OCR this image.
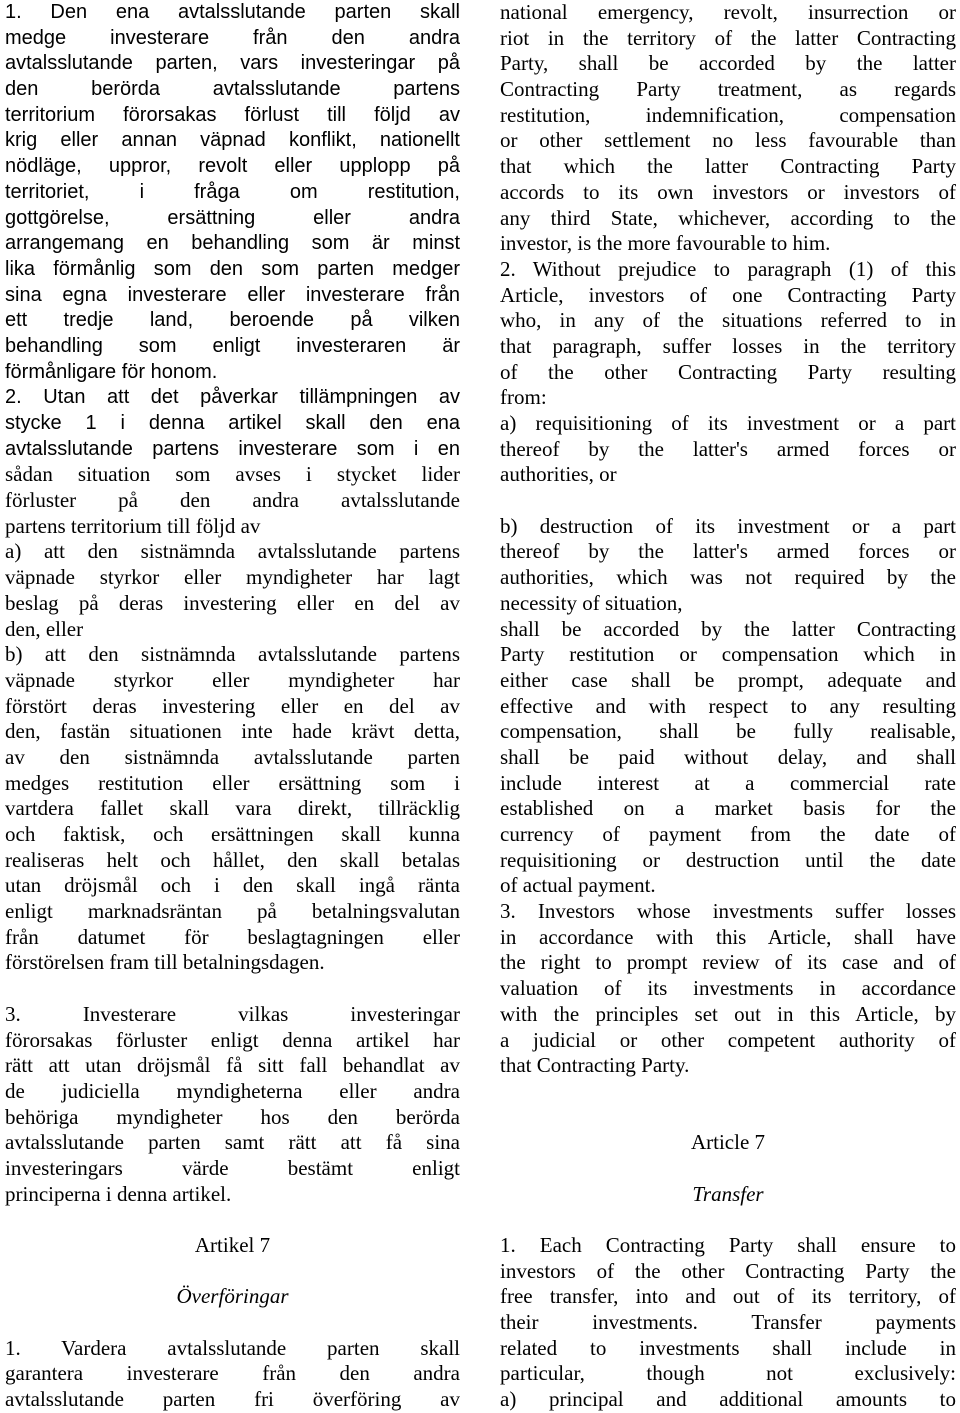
1. Den ena avtalsslutande parten skall
medge investerare från den andra
avtalsslutande parten, vars investeringar på
den berörda avtalsslutande partens
territorium förorsakas förlust till följd av
krig eller annan väpnad konflikt, nationellt
nödläge, uppror, revolt eller upplopp på
territoriet, i fråga om restitution,
gottgörelse, ersättning eller andra
arrangemang en behandling som är minst
lika förmånlig som den som parten medger
sina egna investerare eller investerare från
ett tredje land, beroende på vilken
behandling som enligt investeraren är
förmånligare för honom.
2. Utan att det påverkar tillämpningen av
stycke 1 i denna artikel skall den ena
avtalsslutande partens investerare som i en
sådan situation som avses i stycket lider
förluster på den andra avtalsslutande
partens territorium till följd av
a) att den sistnämnda avtalsslutande partens
väpnade styrkor eller myndigheter har lagt
beslag på deras investering eller en del av
den, eller
b) att den sistnämnda avtalsslutande partens
väpnade styrkor eller myndigheter har
förstört deras investering eller en del av
den, fastän situationen inte hade krävt detta,
av den sistnämnda avtalsslutande parten
medges restitution eller ersättning som i
vartdera fallet skall vara direkt, tillräcklig
och faktisk, och ersättningen skall kunna
realiseras helt och hållet, den skall betalas
utan dröjsmål och i den skall ingå ränta
enligt marknadsräntan på betalningsvalutan
från datumet för beslagtagningen eller
förstörelsen fram till betalningsdagen.
3. Investerare vilkas investeringar
förorsakas förluster enligt denna artikel har
rätt att utan dröjsmål få sitt fall behandlat av
de judiciella myndigheterna eller andra
behöriga myndigheter hos den berörda
avtalsslutande parten samt rätt att få sina
investeringars värde bestämt enligt
principerna i denna artikel.
Artikel 7
Överföringar
1. Vardera avtalsslutande parten skall
garantera investerare från den andra
avtalsslutande parten fri överföring av
national emergency, revolt, insurrection or
riot in the territory of the latter Contracting
Party, shall be accorded by the latter
Contracting Party treatment, as regards
restitution, indemnification, compensation
or other settlement no less favourable than
that which the latter Contracting Party
accords to its own investors or investors of
any third State, whichever, according to the
investor, is the more favourable to him.
2. Without prejudice to paragraph (1) of this
Article, investors of one Contracting Party
who, in any of the situations referred to in
that paragraph, suffer losses in the territory
of the other Contracting Party resulting
from:
a) requisitioning of its investment or a part
thereof by the latter's armed forces or
authorities, or
b) destruction of its investment or a part
thereof by the latter's armed forces or
authorities, which was not required by the
necessity of situation,
shall be accorded by the latter Contracting
Party restitution or compensation which in
either case shall be prompt, adequate and
effective and with respect to any resulting
compensation, shall be fully realisable,
shall be paid without delay, and shall
include interest at a commercial rate
established on a market basis for the
currency of payment from the date of
requisitioning or destruction until the date
of actual payment.
3. Investors whose investments suffer losses
in accordance with this Article, shall have
the right to prompt review of its case and of
valuation of its investments in accordance
with the principles set out in this Article, by
a judicial or other competent authority of
that Contracting Party.
Article 7
Transfer
1. Each Contracting Party shall ensure to
investors of the other Contracting Party the
free transfer, into and out of its territory, of
their investments. Transfer payments
related to investments shall include in
particular, though not exclusively:
a) principal and additional amounts to
